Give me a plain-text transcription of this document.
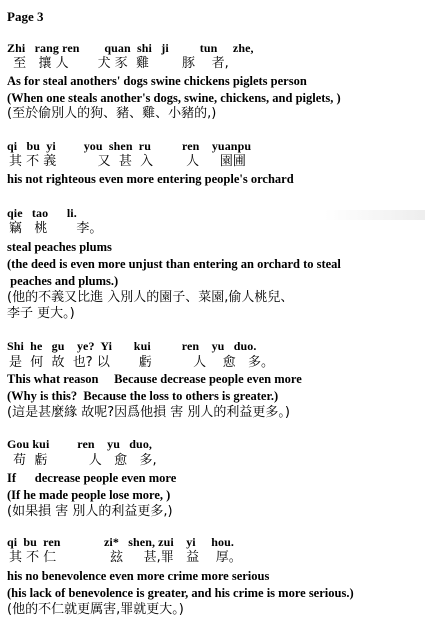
Page 3
Zhi   rang ren        quan  shi   ji          tun     zhe,
至   攘 人       犬 豕  雞        豚    者,
As for steal anothers' dogs swine chickens piglets person
(When one steals another's dogs, swine, chickens, and piglets, )
(至於偷別人的狗、豬、雞、小豬的,)
qi   bu  yi         you  shen  ru          ren    yuanpu
其 不 義          又  甚  入        人     園圃
his not righteous even more entering people's orchard
qie   tao      li.
竊   桃       李。
steal peaches plums
(the deed is even more unjust than entering an orchard to steal
peaches and plums.)
(他的不義又比進 入別人的園子、菜園,偷人桃兒、
李子 更大。)
Shi  he   gu    ye?  Yi       kui          ren    yu   duo.
是  何  故  也? 以       虧          人    愈   多。
This what reason     Because decrease people even more
(Why is this?  Because the loss to others is greater.)
(這是甚麼緣 故呢?因爲他損 害 別人的利益更多。)
Gou kui         ren    yu   duo,
苟  虧          人   愈   多,
If      decrease people even more
(If he made people lose more, )
(如果損 害 別人的利益更多,)
qi  bu  ren              zi*   shen, zui    yi     hou.
其 不 仁             玆     甚,罪   益    厚。
his no benevolence even more crime more serious
(his lack of benevolence is greater, and his crime is more serious.)
(他的不仁就更厲害,罪就更大。)
